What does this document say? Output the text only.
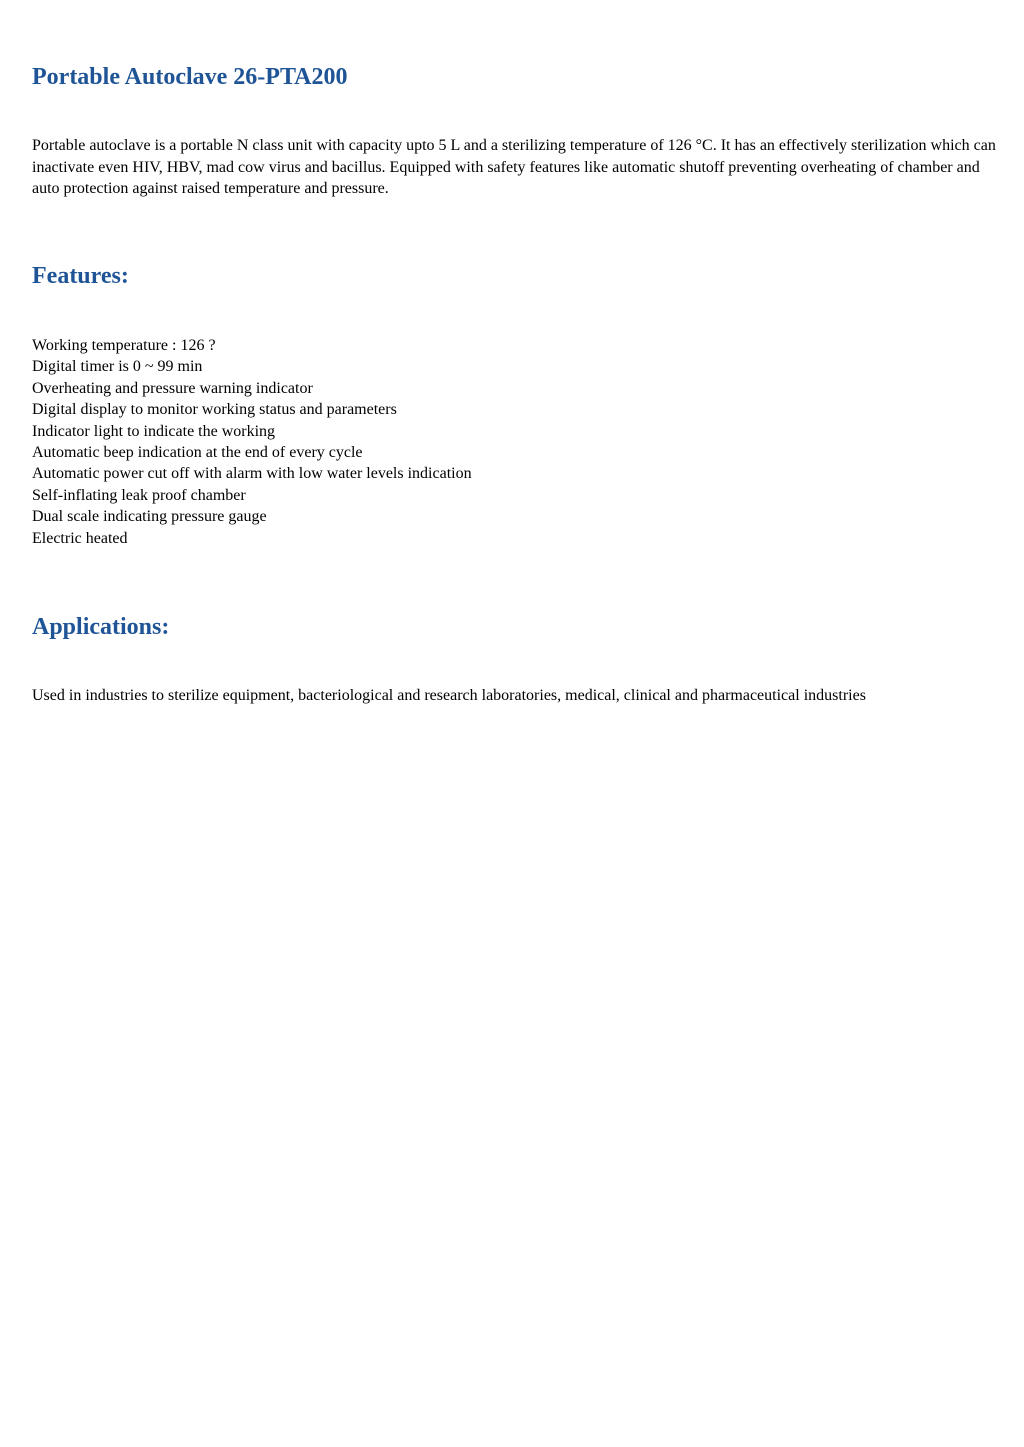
Portable Autoclave 26-PTA200

Portable autoclave is a portable N class unit with capacity upto 5 L and a sterilizing temperature of 126 °C. It has an effectively sterilization which can inactivate even HIV, HBV, mad cow virus and bacillus. Equipped with safety features like automatic shutoff preventing overheating of chamber and auto protection against raised temperature and pressure.

Features:
Working temperature : 126 ?
Digital timer is 0 ~ 99 min
Overheating and pressure warning indicator
Digital display to monitor working status and parameters
Indicator light to indicate the working
Automatic beep indication at the end of every cycle
Automatic power cut off with alarm with low water levels indication
Self-inflating leak proof chamber
Dual scale indicating pressure gauge
Electric heated
Applications:

Used in industries to sterilize equipment, bacteriological and research laboratories, medical, clinical and pharmaceutical industries
